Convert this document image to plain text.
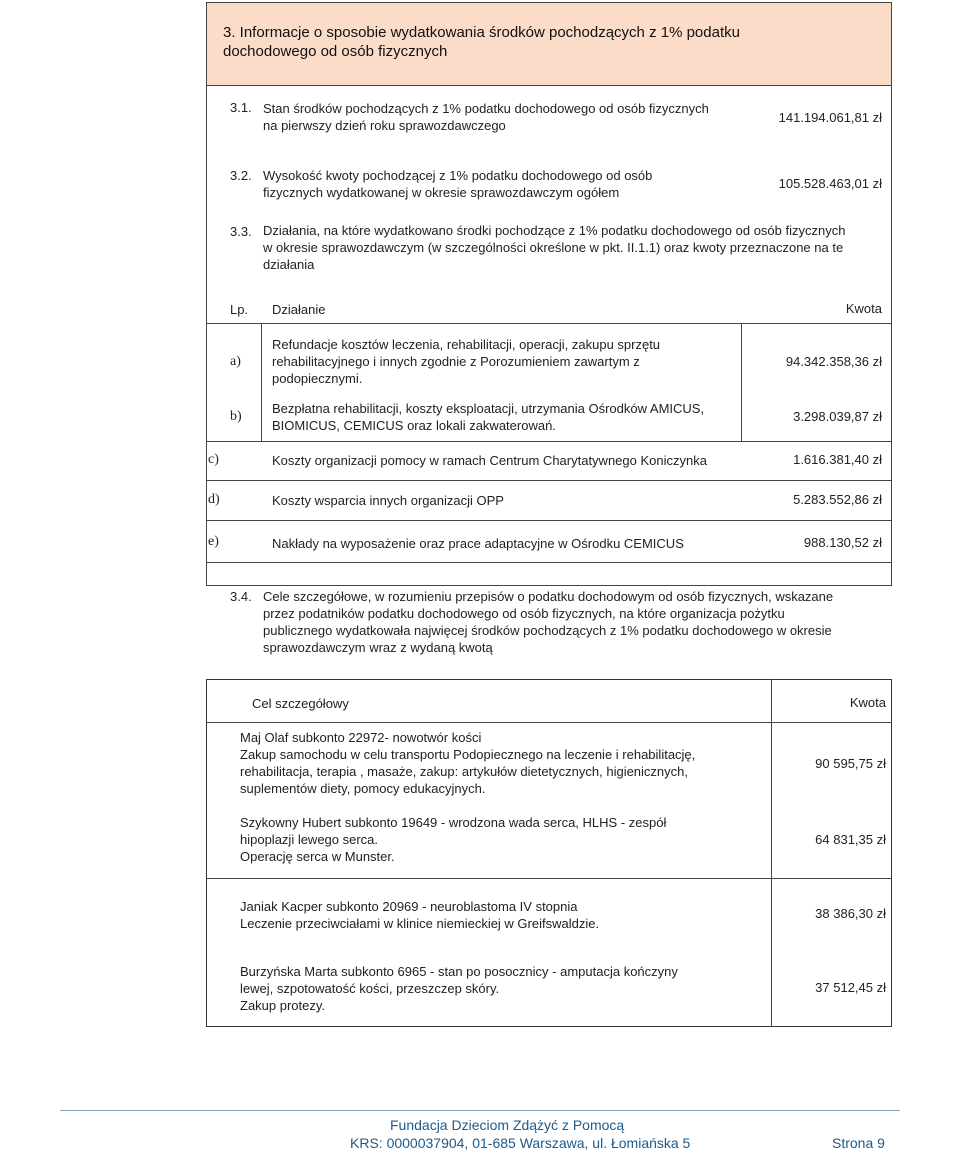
3. Informacje o sposobie wydatkowania środków pochodzących z 1% podatku
dochodowego od osób fizycznych
3.1. Stan środków pochodzących z 1% podatku dochodowego od osób fizycznych
na pierwszy dzień roku sprawozdawczego
141.194.061,81 zł
3.2. Wysokość kwoty pochodzącej z 1% podatku dochodowego od osób
fizycznych wydatkowanej w okresie sprawozdawczym ogółem
105.528.463,01 zł
3.3. Działania, na które wydatkowano środki pochodzące z 1% podatku dochodowego od osób fizycznych
w okresie sprawozdawczym (w szczególności określone w pkt. II.1.1) oraz kwoty przeznaczone na te
działania
Lp. Działanie	Kwota
a)
Refundacje kosztów leczenia, rehabilitacji, operacji, zakupu sprzętu
rehabilitacyjnego i innych zgodnie z Porozumieniem zawartym z
podopiecznymi.
94.342.358,36 zł
b)
Bezpłatna rehabilitacji, koszty eksploatacji, utrzymania Ośrodków AMICUS,
BIOMICUS, CEMICUS oraz lokali zakwaterowań.
3.298.039,87 zł
c)	Koszty organizacji pomocy w ramach Centrum Charytatywnego Koniczynka	1.616.381,40 zł
d)	Koszty wsparcia innych organizacji OPP	5.283.552,86 zł
e)	Nakłady na wyposażenie oraz prace adaptacyjne w Ośrodku CEMICUS	988.130,52 zł
3.4. Cele szczegółowe, w rozumieniu przepisów o podatku dochodowym od osób fizycznych, wskazane
przez podatników podatku dochodowego od osób fizycznych, na które organizacja pożytku
publicznego wydatkowała najwięcej środków pochodzących z 1% podatku dochodowego w okresie
sprawozdawczym wraz z wydaną kwotą
Cel szczegółowy	Kwota
Maj Olaf subkonto 22972- nowotwór kości
Zakup samochodu w celu transportu Podopiecznego na leczenie i rehabilitację,
rehabilitacja, terapia , masaże, zakup: artykułów dietetycznych, higienicznych,
suplementów diety, pomocy edukacyjnych.
90 595,75 zł
Szykowny Hubert subkonto 19649 - wrodzona wada serca, HLHS - zespół
hipoplazji lewego serca.
Operację serca w Munster.
64 831,35 zł
Janiak Kacper subkonto 20969 - neuroblastoma IV stopnia
Leczenie przeciwciałami w klinice niemieckiej w Greifswaldzie.
38 386,30 zł
Burzyńska Marta subkonto 6965 - stan po posocznicy - amputacja kończyny
lewej, szpotowatość kości, przeszczep skóry.
Zakup protezy.
37 512,45 zł
Fundacja Dzieciom Zdążyć z Pomocą
KRS: 0000037904, 01-685 Warszawa, ul. Łomiańska 5	Strona 9
